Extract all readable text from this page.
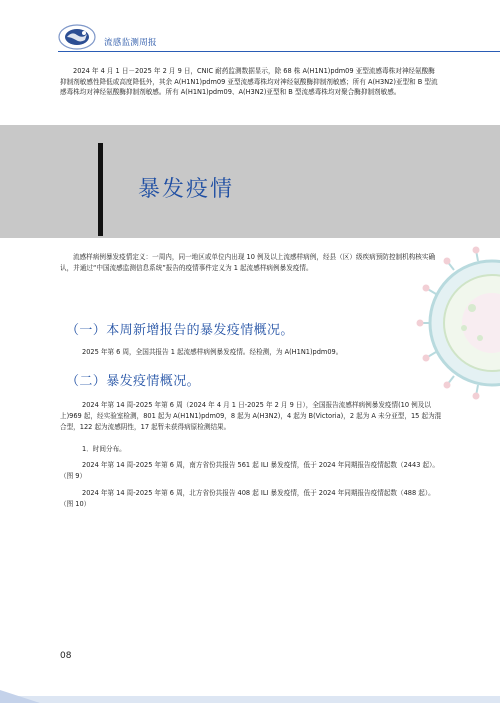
流感监测周报

2024 年 4 月 1 日－2025 年 2 月 9 日，CNIC 耐药监测数据显示，除 68 株 A(H1N1)pdm09 亚型流感毒株对神经氨酸酶抑制剂敏感性降低或高度降低外，其余 A(H1N1)pdm09 亚型流感毒株均对神经氨酸酶抑制剂敏感；所有 A(H3N2)亚型和 B 型流感毒株均对神经氨酸酶抑制剂敏感。所有 A(H1N1)pdm09、A(H3N2)亚型和 B 型流感毒株均对聚合酶抑制剂敏感。

暴发疫情

流感样病例暴发疫情定义：一周内，同一地区或单位内出现 10 例及以上流感样病例，经县（区）级疾病预防控制机构核实确认，并通过“中国流感监测信息系统”报告的疫情事件定义为 1 起流感样病例暴发疫情。

（一）本周新增报告的暴发疫情概况。

2025 年第 6 周，全国共报告 1 起流感样病例暴发疫情。经检测，为 A(H1N1)pdm09。

（二）暴发疫情概况。

2024 年第 14 周-2025 年第 6 周（2024 年 4 月 1 日-2025 年 2 月 9 日），全国报告流感样病例暴发疫情(10 例及以上)969 起，经实验室检测，801 起为 A(H1N1)pdm09，8 起为 A(H3N2)，4 起为 B(Victoria)，2 起为 A 未分亚型，15 起为混合型，122 起为流感阴性，17 起暂未获得病原检测结果。

1．时间分布。

2024 年第 14 周-2025 年第 6 周，南方省份共报告 561 起 ILI 暴发疫情，低于 2024 年同期报告疫情起数（2443 起）。（图 9）

2024 年第 14 周-2025 年第 6 周，北方省份共报告 408 起 ILI 暴发疫情，低于 2024 年同期报告疫情起数（488 起）。（图 10）

08
